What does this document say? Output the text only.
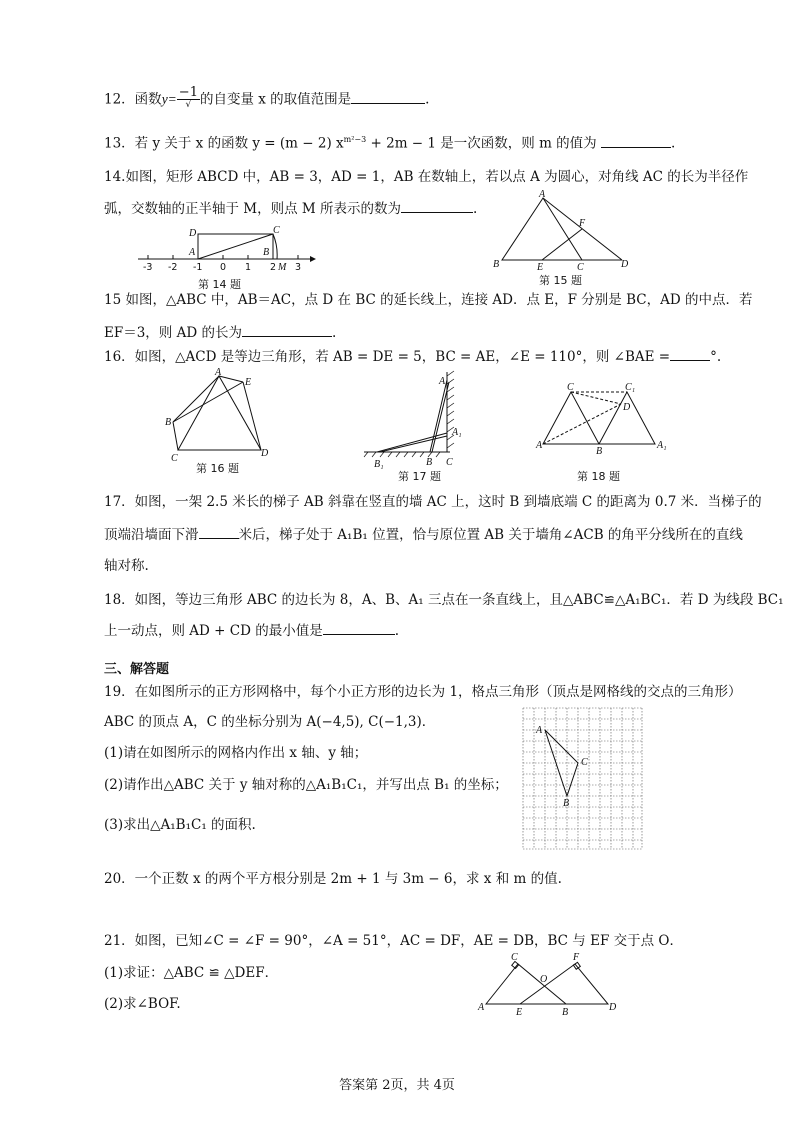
12．函数$y= \frac{-1}{√}$ 的自变量 x 的取值范围是	.
13．若 y 关于 x 的函数 y = (m − 2) $x^{m^2-3} + 2m - 1$ 是一次函数，则 m 的值为	.
14.如图，矩形 ABCD 中，AB = 3，AD = 1，AB 在数轴上，若以点 A 为圆心，对角线 AC 的长为半径作
弧，交数轴的正半轴于 M，则点 M 所表示的数为	.
-3 -2 -1 0 1 2 3
D	C
A	B
M
第 14 题
A
B	C	D
E
F
第 15 题
15 如图，△ABC 中，AB＝AC，点 D 在 BC 的延长线上，连接 AD．点 E，F 分别是 BC，AD 的中点．若
EF＝3，则 AD 的长为	.
16．如图，△ACD 是等边三角形，若 AB = DE = 5，BC = AE，∠E = 110°，则 ∠BAE =	°.
A
B
C	D
E
第 16 题
A
A₁
B
B₁	C
第 17 题
C	C₁
D
A
B
A₁
第 18 题
17．如图，一架 2.5 米长的梯子 AB 斜靠在竖直的墙 AC 上，这时 B 到墙底端 C 的距离为 0.7 米．当梯子的
顶端沿墙面下滑	米后，梯子处于 A₁B₁ 位置，恰与原位置 AB 关于墙角∠ACB 的角平分线所在的直线
轴对称.
18．如图，等边三角形 ABC 的边长为 8，A、B、A₁ 三点在一条直线上，且△ABC≌△A₁BC₁．若 D 为线段 BC₁
上一动点，则 AD + CD 的最小值是	.
三、解答题
19．在如图所示的正方形网格中，每个小正方形的边长为 1，格点三角形（顶点是网格线的交点的三角形）
ABC 的顶点 A，C 的坐标分别为 A(−4,5), C(−1,3)．
(1)请在如图所示的网格内作出 x 轴、y 轴；
(2)请作出△ABC 关于 y 轴对称的△A₁B₁C₁，并写出点 B₁ 的坐标；
(3)求出△A₁B₁C₁ 的面积.
A
B
C
20．一个正数 x 的两个平方根分别是 2m + 1 与 3m − 6，求 x 和 m 的值.
21．如图，已知∠C = ∠F = 90°，∠A = 51°，AC = DF，AE = DB，BC 与 EF 交于点 O．
(1)求证：△ABC ≌ △DEF．
(2)求∠BOF.	A
C
O
F
E	B	D
答案第 2页，共 4页
